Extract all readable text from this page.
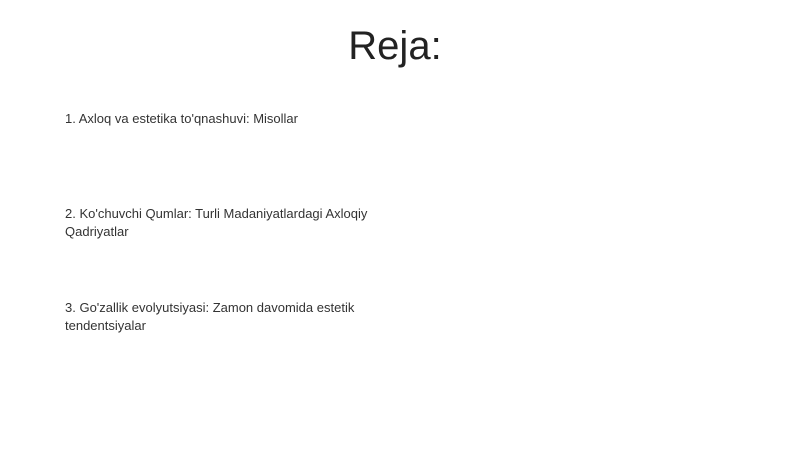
Reja:

1. Axloq va estetika to'qnashuvi: Misollar

2. Ko'chuvchi Qumlar: Turli Madaniyatlardagi Axloqiy Qadriyatlar

3. Go'zallik evolyutsiyasi: Zamon davomida estetik tendentsiyalar
